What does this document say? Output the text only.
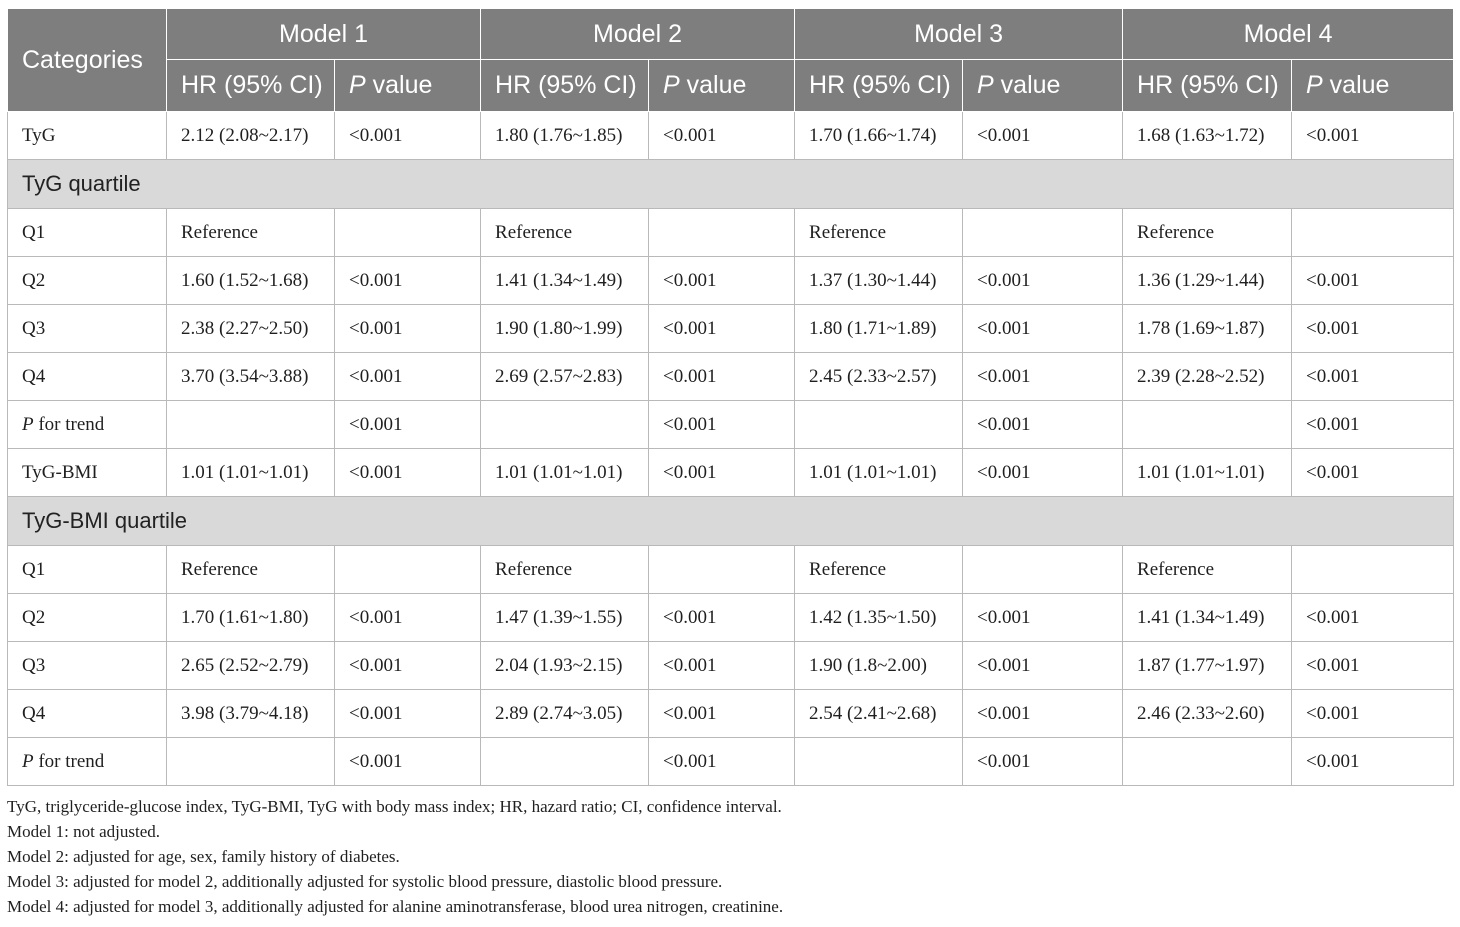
Categories	Model 1		Model 2		Model 3		Model 4	
	HR (95% CI)	P value	HR (95% CI)	P value	HR (95% CI)	P value	HR (95% CI)	P value
TyG	2.12 (2.08~2.17)	<0.001	1.80 (1.76~1.85)	<0.001	1.70 (1.66~1.74)	<0.001	1.68 (1.63~1.72)	<0.001
TyG quartile								
Q1	Reference		Reference		Reference		Reference	
Q2	1.60 (1.52~1.68)	<0.001	1.41 (1.34~1.49)	<0.001	1.37 (1.30~1.44)	<0.001	1.36 (1.29~1.44)	<0.001
Q3	2.38 (2.27~2.50)	<0.001	1.90 (1.80~1.99)	<0.001	1.80 (1.71~1.89)	<0.001	1.78 (1.69~1.87)	<0.001
Q4	3.70 (3.54~3.88)	<0.001	2.69 (2.57~2.83)	<0.001	2.45 (2.33~2.57)	<0.001	2.39 (2.28~2.52)	<0.001
P for trend		<0.001		<0.001		<0.001		<0.001
TyG-BMI	1.01 (1.01~1.01)	<0.001	1.01 (1.01~1.01)	<0.001	1.01 (1.01~1.01)	<0.001	1.01 (1.01~1.01)	<0.001
TyG-BMI quartile								
Q1	Reference		Reference		Reference		Reference	
Q2	1.70 (1.61~1.80)	<0.001	1.47 (1.39~1.55)	<0.001	1.42 (1.35~1.50)	<0.001	1.41 (1.34~1.49)	<0.001
Q3	2.65 (2.52~2.79)	<0.001	2.04 (1.93~2.15)	<0.001	1.90 (1.8~2.00)	<0.001	1.87 (1.77~1.97)	<0.001
Q4	3.98 (3.79~4.18)	<0.001	2.89 (2.74~3.05)	<0.001	2.54 (2.41~2.68)	<0.001	2.46 (2.33~2.60)	<0.001
P for trend		<0.001		<0.001		<0.001		<0.001
TyG, triglyceride-glucose index, TyG-BMI, TyG with body mass index; HR, hazard ratio; CI, confidence interval.
Model 1: not adjusted.
Model 2: adjusted for age, sex, family history of diabetes.
Model 3: adjusted for model 2, additionally adjusted for systolic blood pressure, diastolic blood pressure.
Model 4: adjusted for model 3, additionally adjusted for alanine aminotransferase, blood urea nitrogen, creatinine.
